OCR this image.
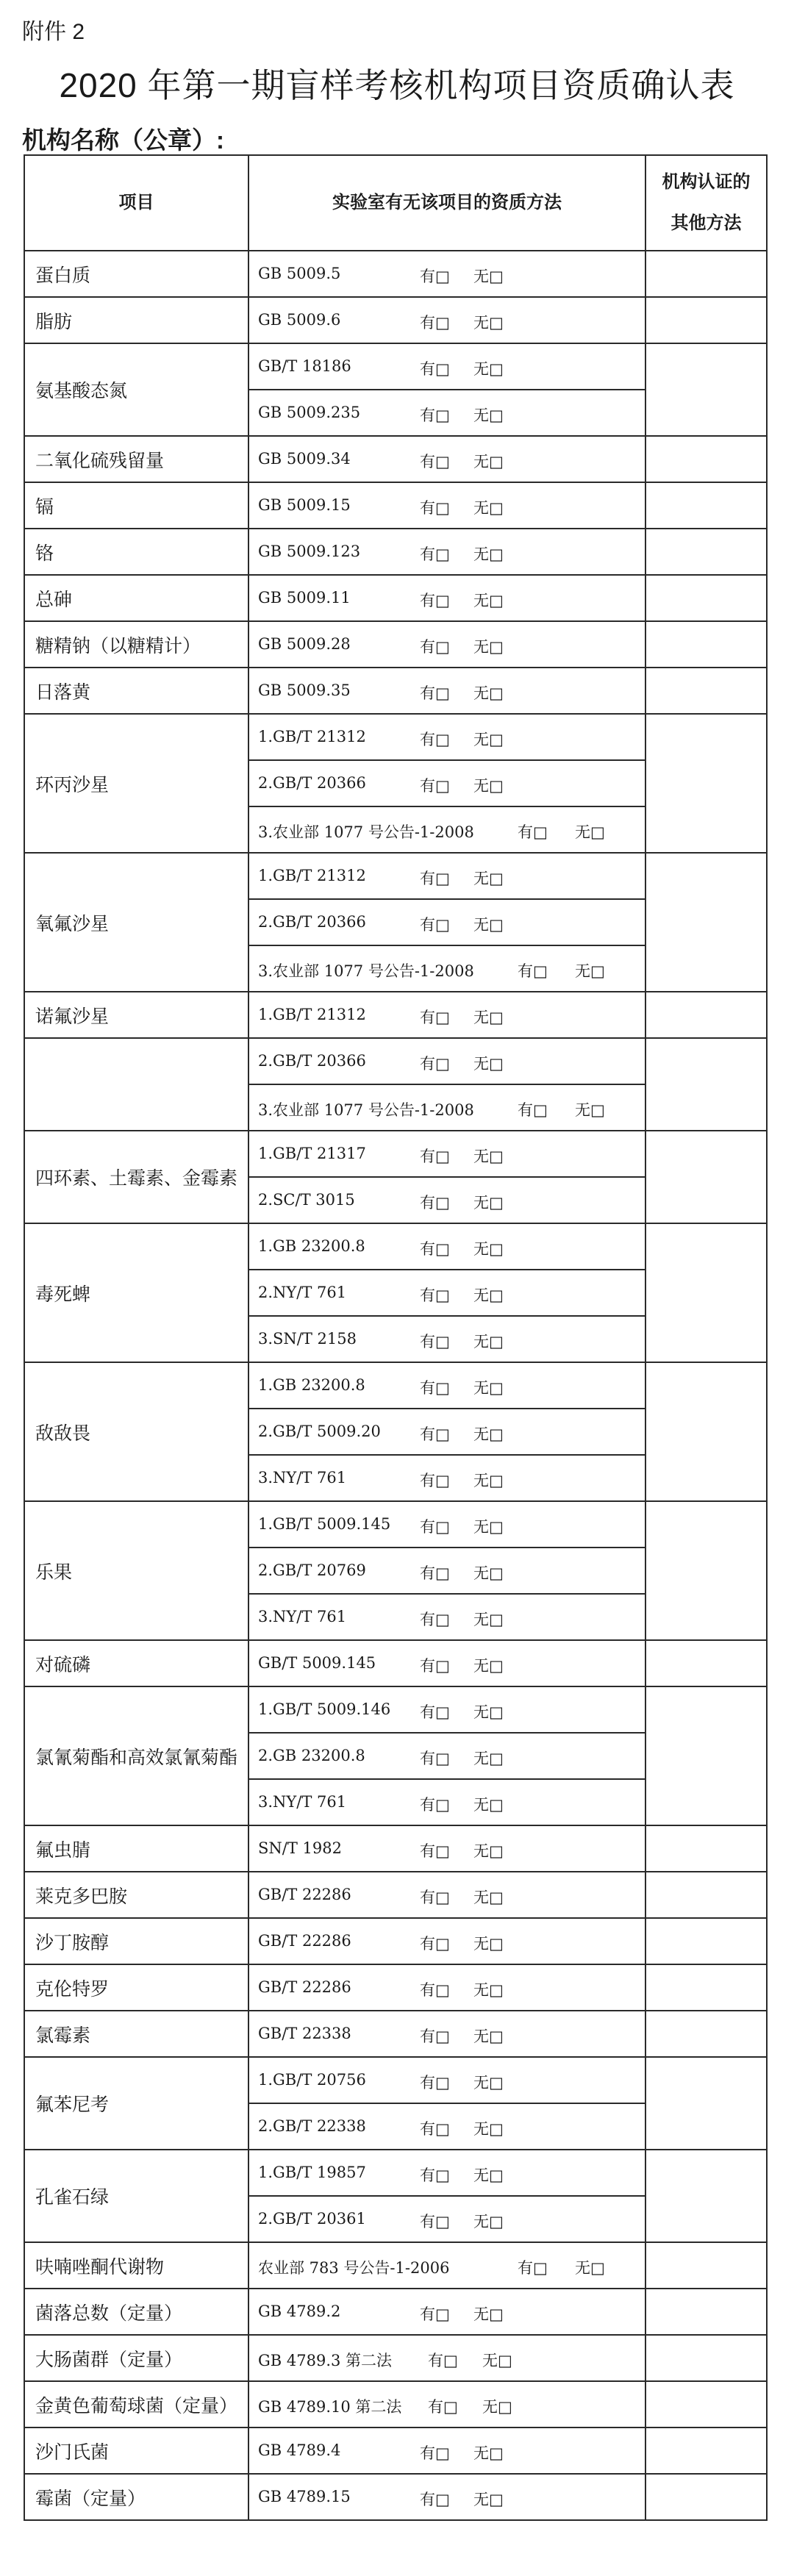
附件 2
2020 年第一期盲样考核机构项目资质确认表
机构名称（公章）:
项目	实验室有无该项目的资质方法	机构认证的
其他方法

蛋白质	GB 5009.5 有□ 无□	

脂肪	GB 5009.6 有□ 无□	

氨基酸态氮	GB/T 18186 有□ 无□	

	GB 5009.235 有□ 无□	

二氧化硫残留量	GB 5009.34 有□ 无□	

镉	GB 5009.15 有□ 无□	

铬	GB 5009.123 有□ 无□	

总砷	GB 5009.11 有□ 无□	

糖精钠（以糖精计）	GB 5009.28 有□ 无□	

日落黄	GB 5009.35 有□ 无□	

环丙沙星	1.GB/T 21312 有□ 无□	

	2.GB/T 20366 有□ 无□	

	3.农业部 1077 号公告-1-2008 有□ 无□	

氧氟沙星	1.GB/T 21312 有□ 无□	

	2.GB/T 20366 有□ 无□	

	3.农业部 1077 号公告-1-2008 有□ 无□	

诺氟沙星	1.GB/T 21312 有□ 无□	

	2.GB/T 20366 有□ 无□	

	3.农业部 1077 号公告-1-2008 有□ 无□	

四环素、土霉素、金霉素	1.GB/T 21317 有□ 无□	

	2.SC/T 3015 有□ 无□	

毒死蜱	1.GB 23200.8 有□ 无□	

	2.NY/T 761 有□ 无□	

	3.SN/T 2158 有□ 无□	

敌敌畏	1.GB 23200.8 有□ 无□	

	2.GB/T 5009.20 有□ 无□	

	3.NY/T 761 有□ 无□	

乐果	1.GB/T 5009.145 有□ 无□	

	2.GB/T 20769 有□ 无□	

	3.NY/T 761 有□ 无□	

对硫磷	GB/T 5009.145 有□ 无□	

氯氰菊酯和高效氯氰菊酯	1.GB/T 5009.146 有□ 无□	

	2.GB 23200.8 有□ 无□	

	3.NY/T 761 有□ 无□	

氟虫腈	SN/T 1982 有□ 无□	

莱克多巴胺	GB/T 22286 有□ 无□	

沙丁胺醇	GB/T 22286 有□ 无□	

克伦特罗	GB/T 22286 有□ 无□	

氯霉素	GB/T 22338 有□ 无□	

氟苯尼考	1.GB/T 20756 有□ 无□	

	2.GB/T 22338 有□ 无□	

孔雀石绿	1.GB/T 19857 有□ 无□	

	2.GB/T 20361 有□ 无□	

呋喃唑酮代谢物	农业部 783 号公告-1-2006 有□ 无□	

菌落总数（定量）	GB 4789.2 有□ 无□	

大肠菌群（定量）	GB 4789.3 第二法 有□ 无□	

金黄色葡萄球菌（定量）	GB 4789.10 第二法 有□ 无□	

沙门氏菌	GB 4789.4 有□ 无□	

霉菌（定量）	GB 4789.15 有□ 无□	
